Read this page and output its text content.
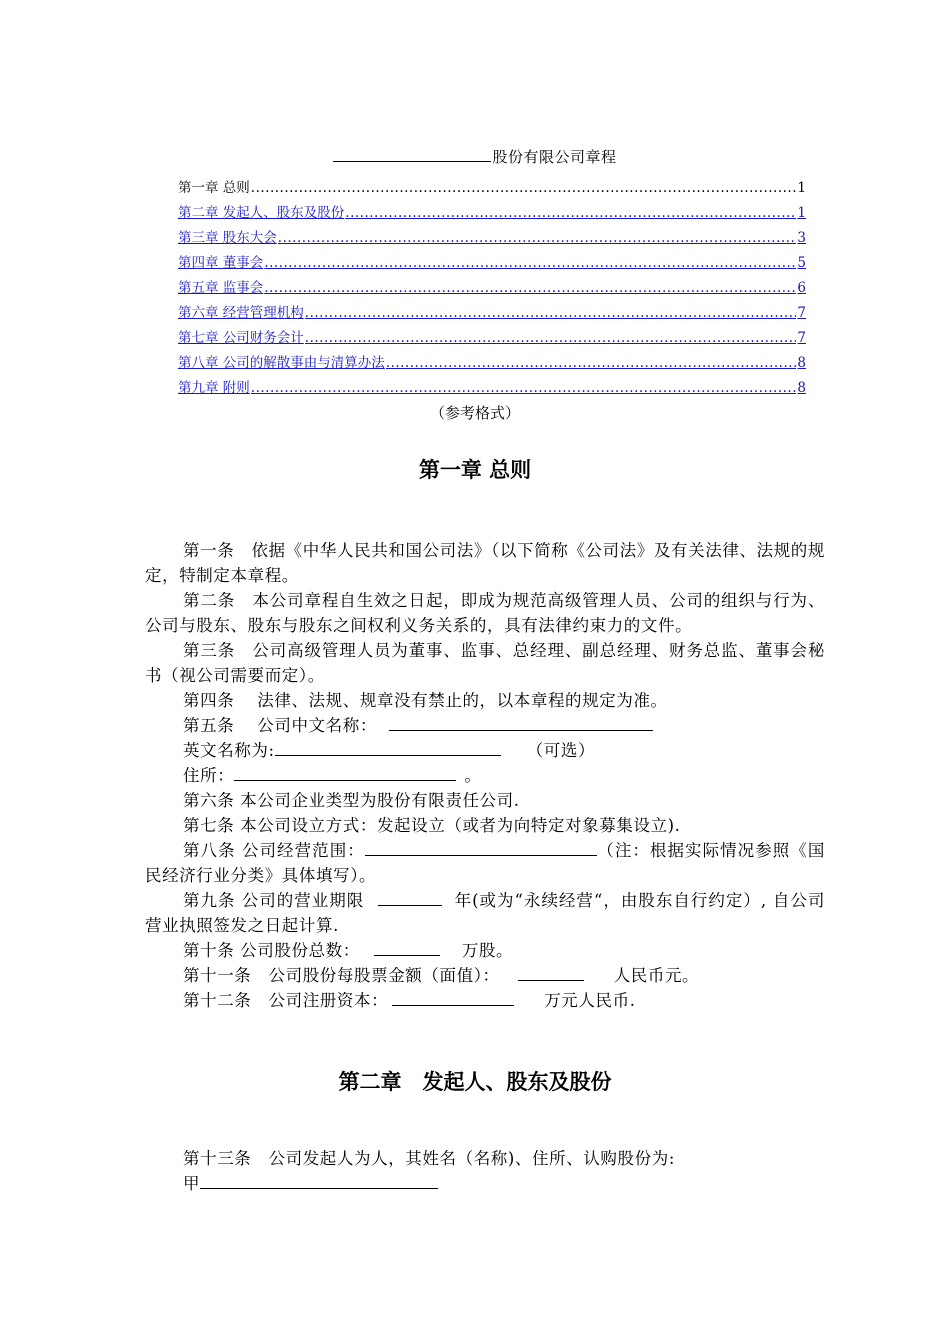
股份有限公司章程
第一章 总则 .....	1
第二章 发起人、股东及股份 .....	1
第三章 股东大会 .....	3
第四章 董事会 .....	5
第五章 监事会 .....	6
第六章 经营管理机构 .....	7
第七章 公司财务会计 .....	7
第八章 公司的解散事由与清算办法 .....	8
第九章 附则 .....	8
（参考格式）
第一章 总则

第一条　依据《中华人民共和国公司法》（以下简称《公司法》及有关法律、法规的规定，特制定本章程。

第二条　本公司章程自生效之日起，即成为规范高级管理人员、公司的组织与行为、公司与股东、股东与股东之间权利义务关系的，具有法律约束力的文件。

第三条　公司高级管理人员为董事、监事、总经理、副总经理、财务总监、董事会秘书（视公司需要而定）。

第四条　 法律、法规、规章没有禁止的，以本章程的规定为准。

第五条　 公司中文名称：

英文名称为:	（可选）

住所：	。

第六条 本公司企业类型为股份有限责任公司.

第七条 本公司设立方式：发起设立（或者为向特定对象募集设立).

第八条 公司经营范围：	（注：根据实际情况参照《国民经济行业分类》具体填写）。

第九条 公司的营业期限	年(或为“永续经营“，由股东自行约定）, 自公司营业执照签发之日起计算.

第十条 公司股份总数：	万股。

第十一条　公司股份每股票金额（面值）：	人民币元。

第十二条　公司注册资本：	万元人民币.

第二章　发起人、股东及股份

第十三条　公司发起人为人，其姓名（名称)、住所、认购股份为:

甲
